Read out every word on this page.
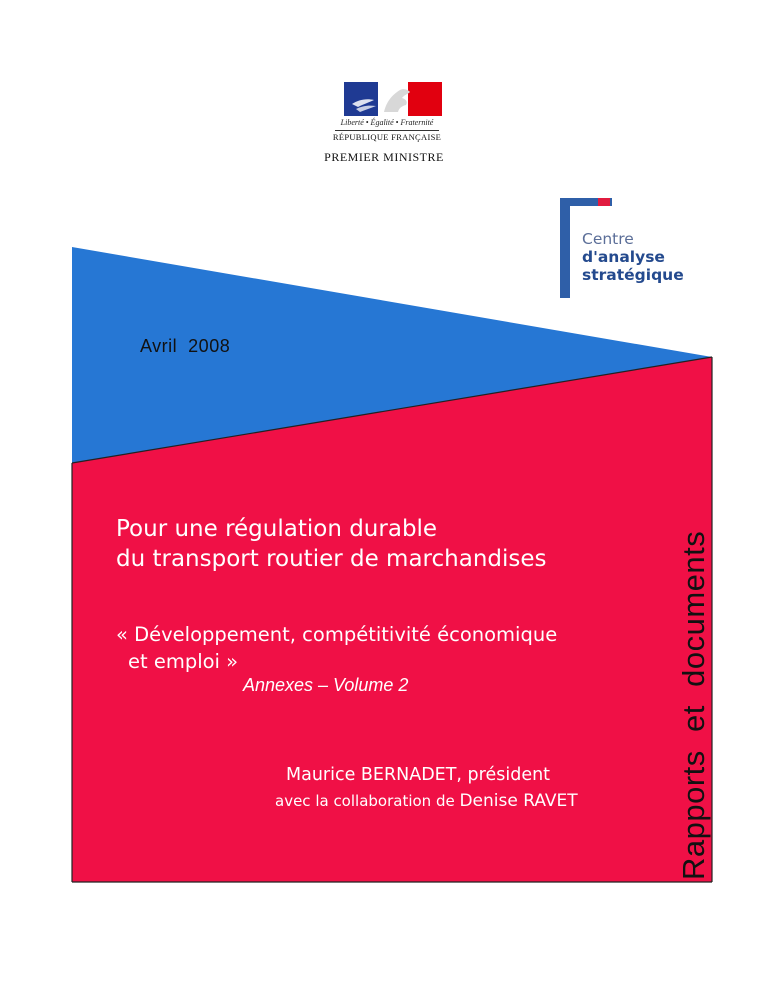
Liberté • Égalité • Fraternité
RÉPUBLIQUE FRANÇAISE
PREMIER MINISTRE
Centre
d'analyse
stratégique
Avril  2008
Rapports  et  documents
Pour une régulation durable
du transport routier de marchandises
« Développement, compétitivité économique
et emploi »
Annexes – Volume 2
Maurice BERNADET, président
avec la collaboration de Denise RAVET
